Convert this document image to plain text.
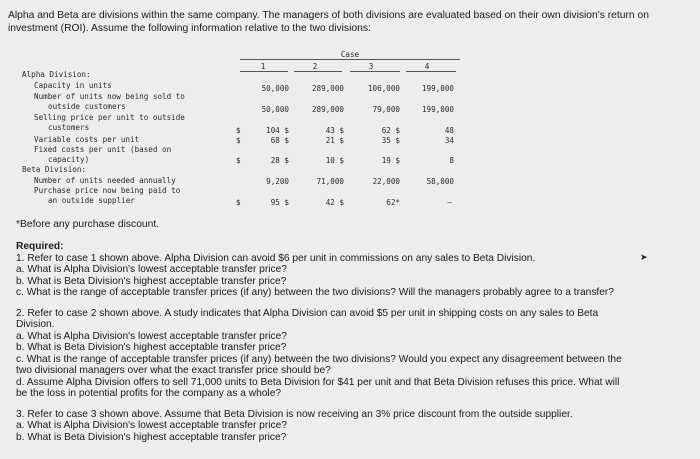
Alpha and Beta are divisions within the same company. The managers of both divisions are evaluated based on their own division's return on investment (ROI). Assume the following information relative to the two divisions:
Case
1	2	3	4
Alpha Division:
Capacity in units	50,000	289,000	106,000	199,000
Number of units now being sold to
outside customers	50,000	289,000	79,000	199,000
Selling price per unit to outside
customers	$	104 $	43 $	62 $	48
Variable costs per unit	$	68 $	21 $	35 $	34
Fixed costs per unit (based on
capacity)	$	28 $	10 $	19 $	8
Beta Division:
Number of units needed annually	9,200	71,000	22,000	58,000
Purchase price now being paid to
an outside supplier	$	95 $	42 $	62*	–
*Before any purchase discount.
➤

Required:

1. Refer to case 1 shown above. Alpha Division can avoid $6 per unit in commissions on any sales to Beta Division.

a. What is Alpha Division's lowest acceptable transfer price?

b. What is Beta Division's highest acceptable transfer price?

c. What is the range of acceptable transfer prices (if any) between the two divisions? Will the managers probably agree to a transfer?

2. Refer to case 2 shown above. A study indicates that Alpha Division can avoid $5 per unit in shipping costs on any sales to Beta

Division.

a. What is Alpha Division's lowest acceptable transfer price?

b. What is Beta Division's highest acceptable transfer price?

c. What is the range of acceptable transfer prices (if any) between the two divisions? Would you expect any disagreement between the

two divisional managers over what the exact transfer price should be?

d. Assume Alpha Division offers to sell 71,000 units to Beta Division for $41 per unit and that Beta Division refuses this price. What will

be the loss in potential profits for the company as a whole?

3. Refer to case 3 shown above. Assume that Beta Division is now receiving an 3% price discount from the outside supplier.

a. What is Alpha Division's lowest acceptable transfer price?

b. What is Beta Division's highest acceptable transfer price?
